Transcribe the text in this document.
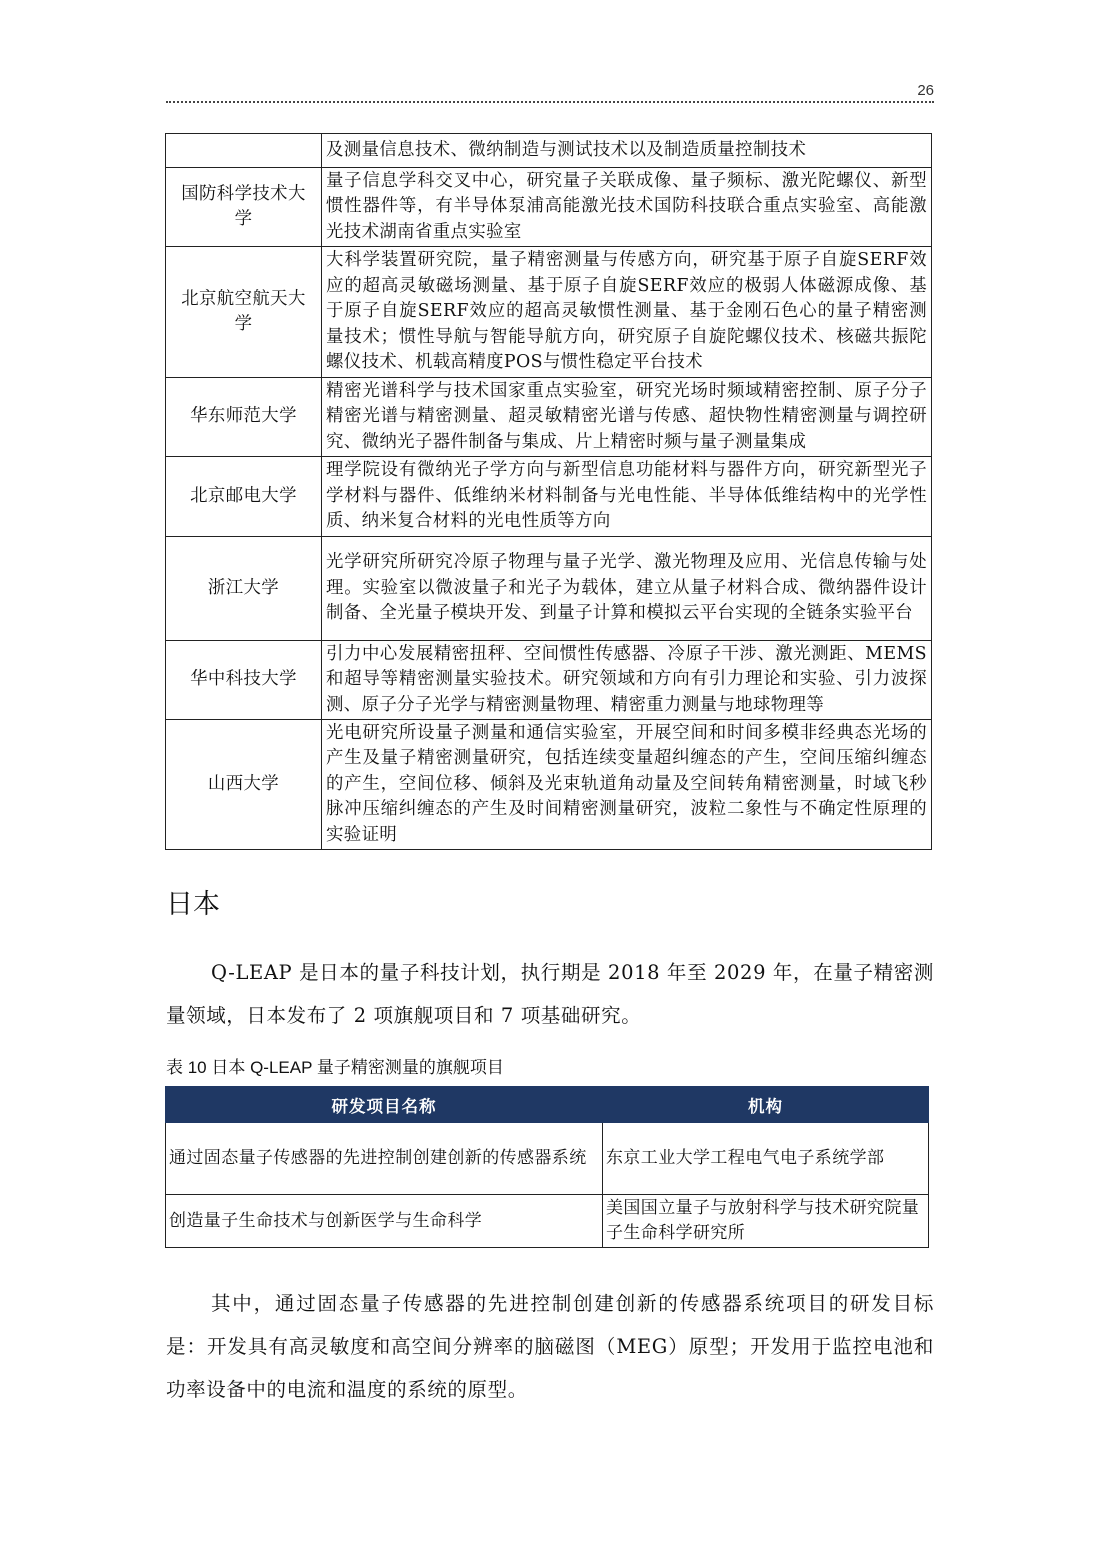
26
	及测量信息技术、微纳制造与测试技术以及制造质量控制技术
国防科学技术大学	量子信息学科交叉中心，研究量子关联成像、量子频标、激光陀螺仪、新型惯性器件等，有半导体泵浦高能激光技术国防科技联合重点实验室、高能激光技术湖南省重点实验室
北京航空航天大学	大科学装置研究院，量子精密测量与传感方向，研究基于原子自旋SERF效应的超高灵敏磁场测量、基于原子自旋SERF效应的极弱人体磁源成像、基于原子自旋SERF效应的超高灵敏惯性测量、基于金刚石色心的量子精密测量技术；惯性导航与智能导航方向，研究原子自旋陀螺仪技术、核磁共振陀螺仪技术、机载高精度POS与惯性稳定平台技术
华东师范大学	精密光谱科学与技术国家重点实验室，研究光场时频域精密控制、原子分子精密光谱与精密测量、超灵敏精密光谱与传感、超快物性精密测量与调控研究、微纳光子器件制备与集成、片上精密时频与量子测量集成
北京邮电大学	理学院设有微纳光子学方向与新型信息功能材料与器件方向，研究新型光子学材料与器件、低维纳米材料制备与光电性能、半导体低维结构中的光学性质、纳米复合材料的光电性质等方向
浙江大学	光学研究所研究冷原子物理与量子光学、激光物理及应用、光信息传输与处理。实验室以微波量子和光子为载体，建立从量子材料合成、微纳器件设计制备、全光量子模块开发、到量子计算和模拟云平台实现的全链条实验平台
华中科技大学	引力中心发展精密扭秤、空间惯性传感器、冷原子干涉、激光测距、MEMS和超导等精密测量实验技术。研究领域和方向有引力理论和实验、引力波探测、原子分子光学与精密测量物理、精密重力测量与地球物理等
山西大学	光电研究所设量子测量和通信实验室，开展空间和时间多模非经典态光场的产生及量子精密测量研究，包括连续变量超纠缠态的产生，空间压缩纠缠态的产生，空间位移、倾斜及光束轨道角动量及空间转角精密测量，时域飞秒脉冲压缩纠缠态的产生及时间精密测量研究，波粒二象性与不确定性原理的实验证明
日本

Q-LEAP 是日本的量子科技计划，执行期是 2018 年至 2029 年，在量子精密测量领域，日本发布了 2 项旗舰项目和 7 项基础研究。

表 10 日本 Q-LEAP 量子精密测量的旗舰项目

研发项目名称	机构
通过固态量子传感器的先进控制创建创新的传感器系统	东京工业大学工程电气电子系统学部
创造量子生命技术与创新医学与生命科学	美国国立量子与放射科学与技术研究院量子生命科学研究所

其中，通过固态量子传感器的先进控制创建创新的传感器系统项目的研发目标是：开发具有高灵敏度和高空间分辨率的脑磁图（MEG）原型；开发用于监控电池和功率设备中的电流和温度的系统的原型。
